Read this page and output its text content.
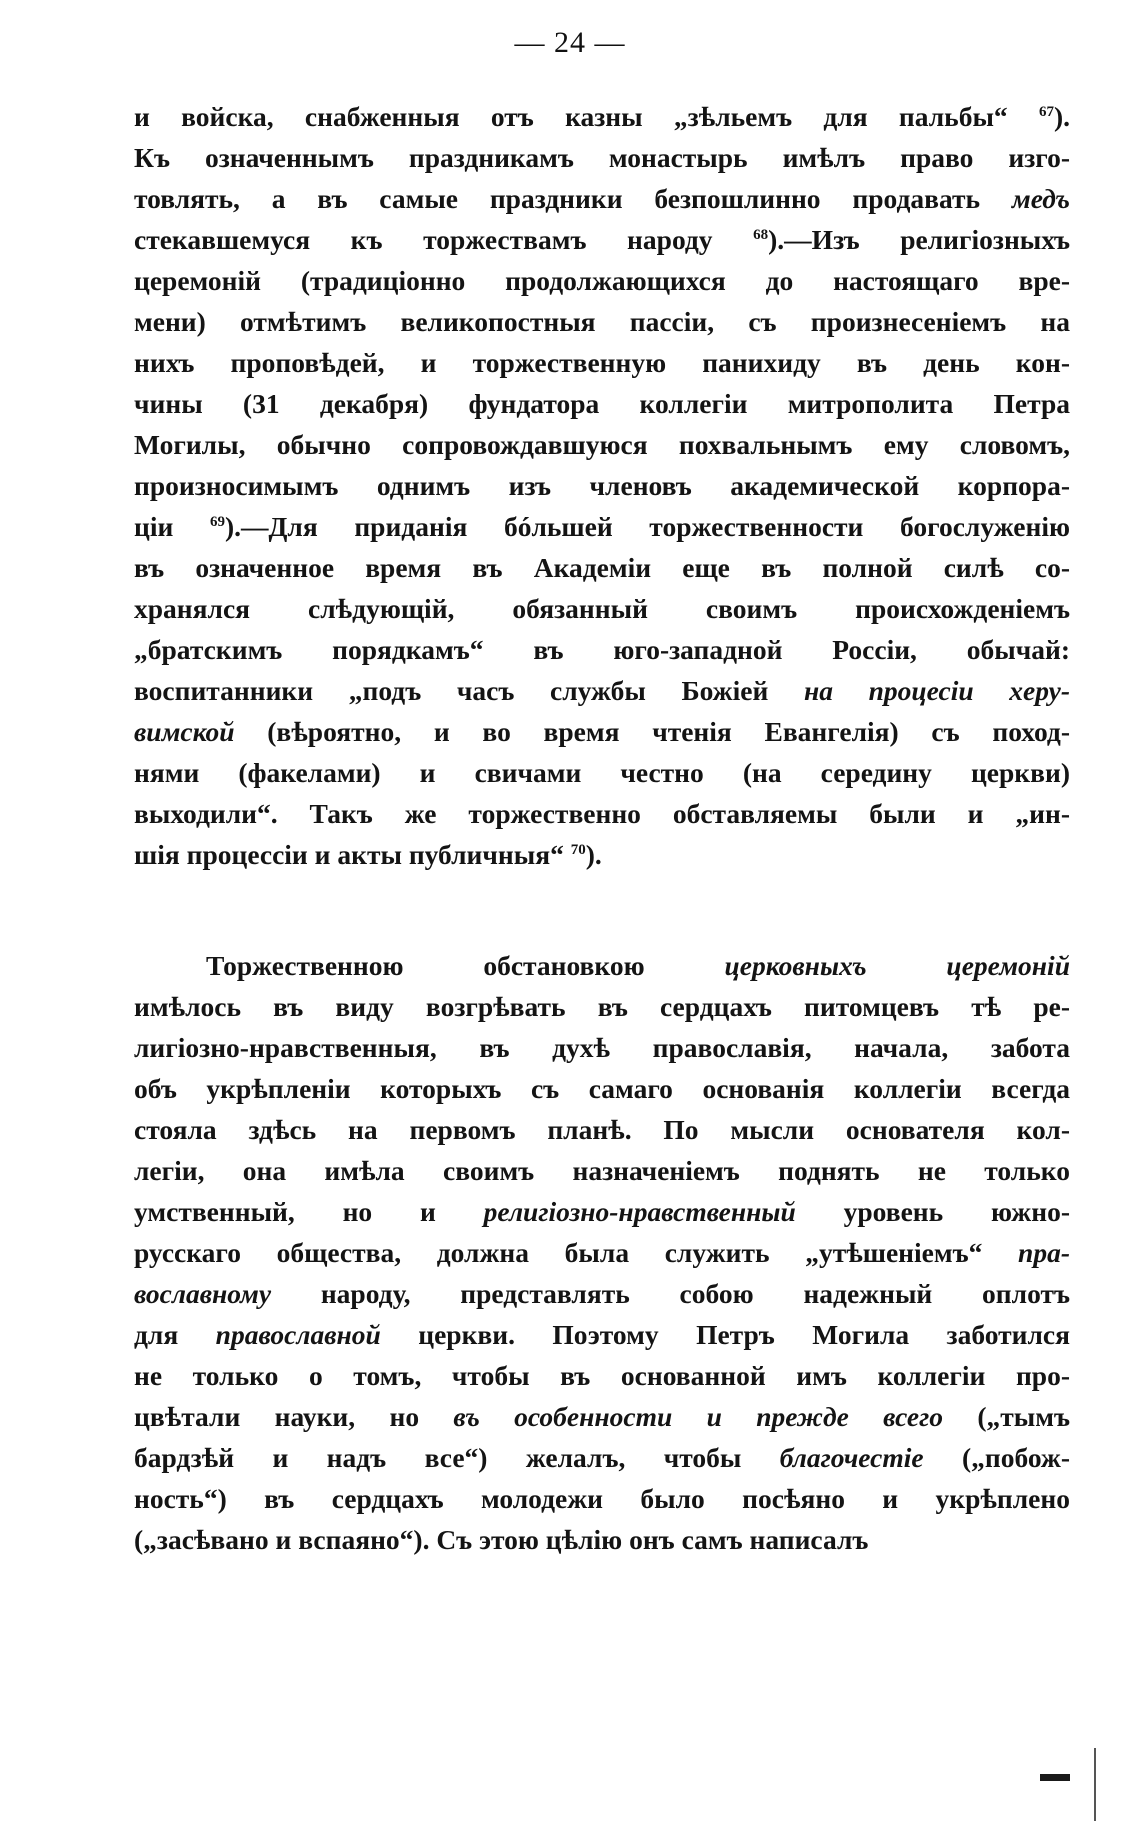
— 24 —
и войска, снабженныя отъ казны „зѣльемъ для пальбы“ $^{67}$).
Къ означеннымъ праздникамъ монастырь имѣлъ право изго-
товлять, а въ самые праздники безпошлинно продавать медъ
стекавшемуся къ торжествамъ народу $^{68}$).—Изъ религіозныхъ
церемоній (традиціонно продолжающихся до настоящаго вре-
мени) отмѣтимъ великопостныя пассіи, съ произнесеніемъ на
нихъ проповѣдей, и торжественную панихиду въ день кон-
чины (31 декабря) фундатора коллегіи митрополита Петра
Могилы, обычно сопровождавшуюся похвальнымъ ему словомъ,
произносимымъ однимъ изъ членовъ академической корпора-
ціи $^{69}$).—Для приданія бóльшей торжественности богослуженію
въ означенное время въ Академіи еще въ полной силѣ со-
хранялся слѣдующій, обязанный своимъ происхожденіемъ
„братскимъ порядкамъ“ въ юго-западной Россіи, обычай:
воспитанники „подъ часъ службы Божіей на процесіи херу-
вимской (вѣроятно, и во время чтенія Евангелія) съ поход-
нями (факелами) и свичами честно (на середину церкви)
выходили“. Такъ же торжественно обставляемы были и „ин-
шія процессіи и акты публичныя“ $^{70}$).
Торжественною обстановкою церковныхъ церемоній
имѣлось въ виду возгрѣвать въ сердцахъ питомцевъ тѣ ре-
лигіозно-нравственныя, въ духѣ православія, начала, забота
объ укрѣпленіи которыхъ съ самаго основанія коллегіи всегда
стояла здѣсь на первомъ планѣ. По мысли основателя кол-
легіи, она имѣла своимъ назначеніемъ поднять не только
умственный, но и религіозно-нравственный уровень южно-
русскаго общества, должна была служить „утѣшеніемъ“ пра-
вославному народу, представлять собою надежный оплотъ
для православной церкви. Поэтому Петръ Могила заботился
не только о томъ, чтобы въ основанной имъ коллегіи про-
цвѣтали науки, но въ особенности и прежде всего („тымъ
бардзѣй и надъ все“) желалъ, чтобы благочестіе („побож-
ность“) въ сердцахъ молодежи было посѣяно и укрѣплено
(„засѣвано и вспаяно“). Съ этою цѣлію онъ самъ написалъ
